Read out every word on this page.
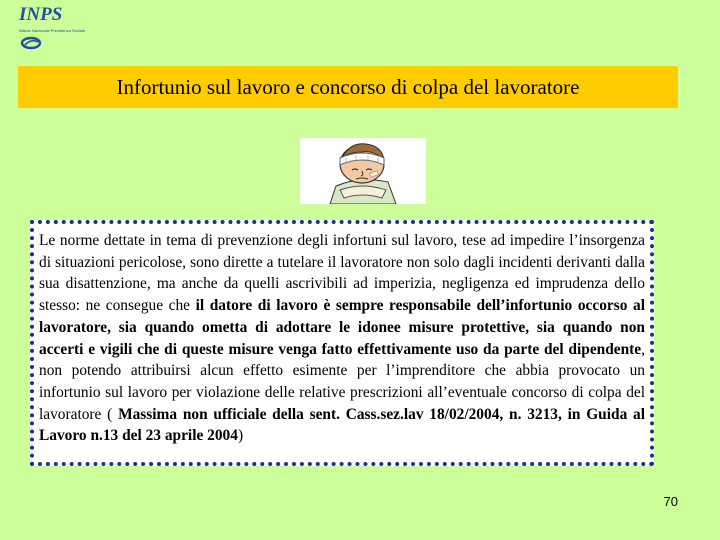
INPS
Istituto Nazionale Previdenza Sociale
Infortunio sul lavoro e concorso di colpa del lavoratore

Le norme dettate in tema di prevenzione degli infortuni sul lavoro, tese ad impedire l’insorgenza di situazioni pericolose, sono dirette a tutelare il lavoratore non solo dagli incidenti derivanti dalla sua disattenzione, ma anche da quelli ascrivibili ad imperizia, negligenza ed imprudenza dello stesso: ne consegue che il datore di lavoro è sempre responsabile dell’infortunio occorso al lavoratore, sia quando ometta di adottare le idonee misure protettive, sia quando non accerti e vigili che di queste misure venga fatto effettivamente uso da parte del dipendente, non potendo attribuirsi alcun effetto esimente per l’imprenditore che abbia provocato un infortunio sul lavoro per violazione delle relative prescrizioni all’eventuale concorso di colpa del lavoratore ( Massima non ufficiale della sent. Cass.sez.lav 18/02/2004, n. 3213, in Guida al Lavoro n.13 del 23 aprile 2004)

70
